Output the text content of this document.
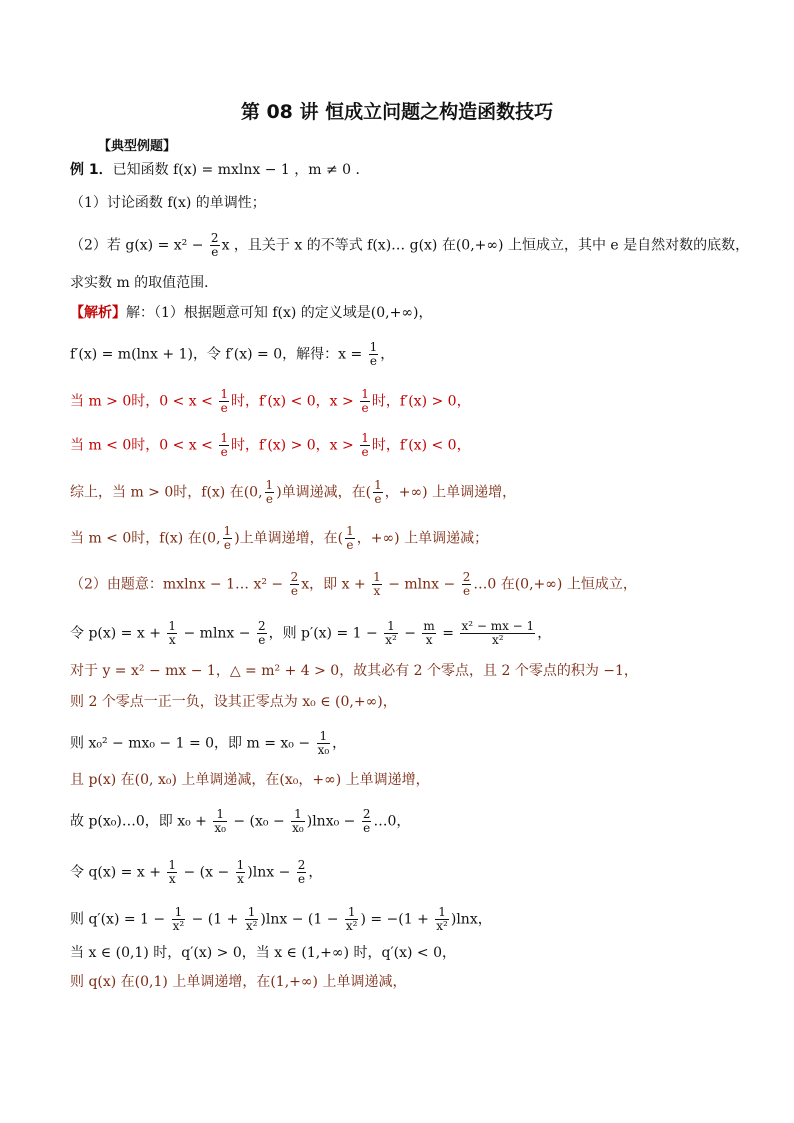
第 08 讲 恒成立问题之构造函数技巧
【典型例题】
例 1．已知函数 f(x) = mxlnx − 1 ，m ≠ 0 ．
（1）讨论函数 f(x) 的单调性；
（2）若 $g(x) = x^2 - \frac{2}{e}$ x ，且关于 x 的不等式 f(x)… g(x) 在(0,+∞) 上恒成立，其中 e 是自然对数的底数，
求实数 m 的取值范围．
【解析】解：（1）根据题意可知 f(x) 的定义域是(0,+∞)，
f′(x) = m(lnx + 1)，令 f′(x) = 0，解得：$x = \frac{1}{e}$ ，
当 m > 0时，$0 < x < \frac{1}{e}$ 时，f′(x) < 0，$x > \frac{1}{e}$ 时，f′(x) > 0，
当 m < 0时，$0 < x < \frac{1}{e}$ 时，f′(x) > 0，$x > \frac{1}{e}$ 时，f′(x) < 0，
综上，当 m > 0时，f(x) 在(0, $\frac{1}{e}$ )单调递减，在( $\frac{1}{e}$ ，+∞) 上单调递增，
当 m < 0时，f(x) 在(0, $\frac{1}{e}$ )上单调递增，在( $\frac{1}{e}$ ，+∞) 上单调递减；
（2）由题意：mxlnx − 1… $x^2 - \frac{2}{e}$ x，即 $x + \frac{1}{x} - mlnx - \frac{2}{e}$ …0 在(0,+∞) 上恒成立，
令 $p(x) = x + \frac{1}{x} - mlnx - \frac{2}{e}$ ，则 $p'(x) = 1 - \frac{1}{\text{x²}} - \frac{m}{x} = \frac{\text{x² − mx − 1}}{\text{x²}}$ ，
对于 y = x² − mx − 1，△ = m² + 4 > 0，故其必有 2 个零点，且 2 个零点的积为 −1，
则 2 个零点一正一负，设其正零点为 x₀ ∈ (0,+∞)，
则 x₀² − mx₀ − 1 = 0，即 $m = x_0 - \frac{1}{\text{x₀}}$ ，
且 p(x) 在(0, x₀) 上单调递减，在(x₀，+∞) 上单调递增，
故 p(x₀)…0，即 $x_0 + \frac{1}{\text{x₀}} - (x_0 - \frac{1}{\text{x₀}} )\ln x_0 - \frac{2}{e}$ …0，
令 $q(x) = x + \frac{1}{x} - (x - \frac{1}{x} )\ln x - \frac{2}{e}$ ，
则 $q'(x) = 1 - \frac{1}{\text{x²}} - (1 + \frac{1}{\text{x²}} )\ln x - (1 - \frac{1}{\text{x²}}$ ) = $-(1 + \frac{1}{\text{x²}} )\ln x$，
当 x ∈ (0,1) 时，q′(x) > 0，当 x ∈ (1,+∞) 时，q′(x) < 0，
则 q(x) 在(0,1) 上单调递增，在(1,+∞) 上单调递减，
